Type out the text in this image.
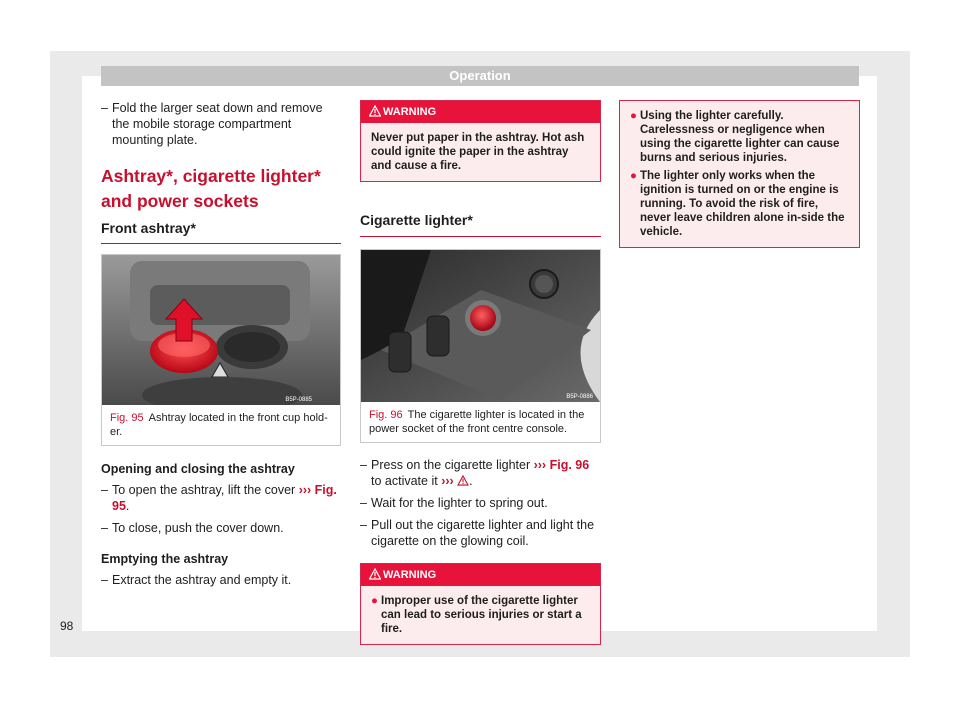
Operation
– Fold the larger seat down and remove the mobile storage compartment mounting plate.
Ashtray*, cigarette lighter* and power sockets
Front ashtray*
B5P-0885
Fig. 95 Ashtray located in the front cup hold-er.
Opening and closing the ashtray
– To open the ashtray, lift the cover ››› Fig. 95.
– To close, push the cover down.
Emptying the ashtray
– Extract the ashtray and empty it.
WARNING
Never put paper in the ashtray. Hot ash could ignite the paper in the ashtray and cause a fire.
Cigarette lighter*
B5P-0886
Fig. 96 The cigarette lighter is located in the power socket of the front centre console.
– Press on the cigarette lighter ››› Fig. 96 to activate it ››› .
– Wait for the lighter to spring out.
– Pull out the cigarette lighter and light the cigarette on the glowing coil.
WARNING
● Improper use of the cigarette lighter can lead to serious injuries or start a fire.
● Using the lighter carefully. Carelessness or negligence when using the cigarette lighter can cause burns and serious injuries.
● The lighter only works when the ignition is turned on or the engine is running. To avoid the risk of fire, never leave children alone in-side the vehicle.
98
